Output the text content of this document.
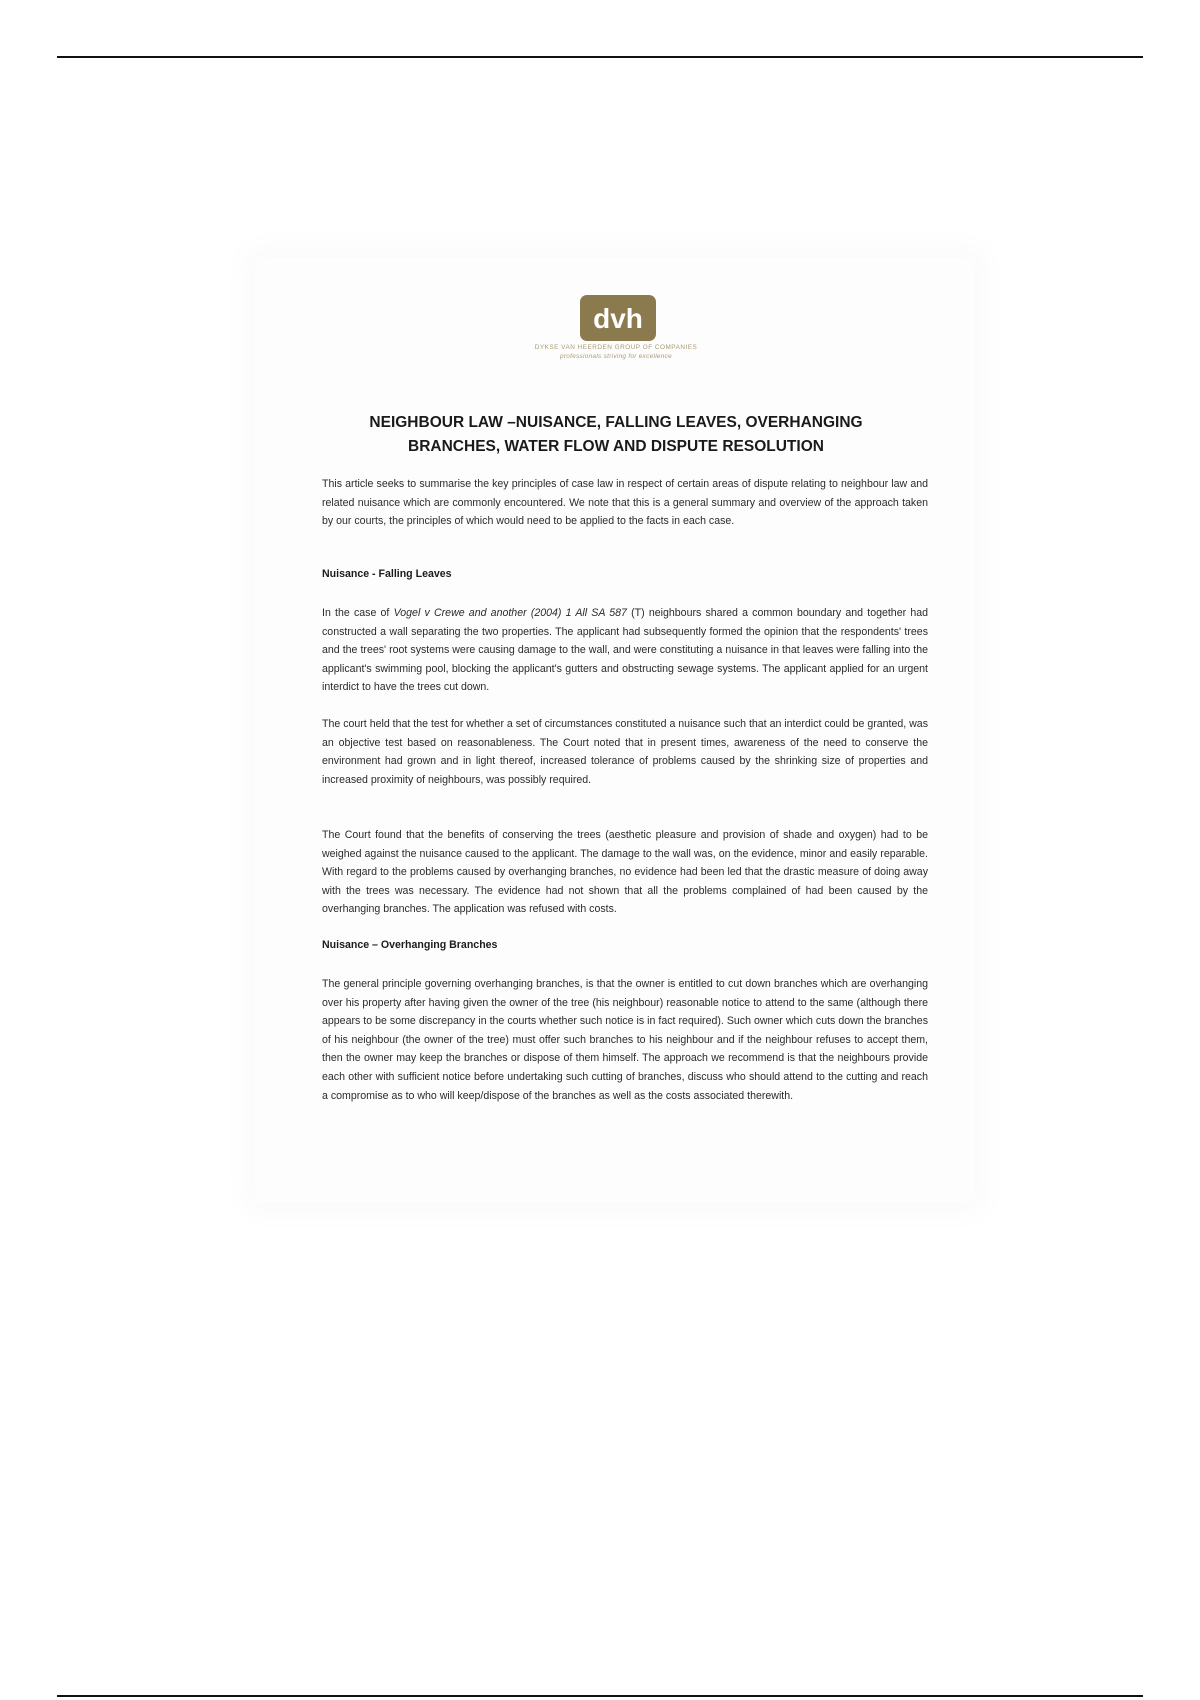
dvh
DYKSE VAN HEERDEN GROUP OF COMPANIES
professionals striving for excellence
NEIGHBOUR LAW –NUISANCE, FALLING LEAVES, OVERHANGING
BRANCHES, WATER FLOW AND DISPUTE RESOLUTION
This article seeks to summarise the key principles of case law in respect of certain areas of dispute relating to neighbour law and related nuisance which are commonly encountered. We note that this is a general summary and overview of the approach taken by our courts, the principles of which would need to be applied to the facts in each case.
Nuisance - Falling Leaves
In the case of Vogel v Crewe and another (2004) 1 All SA 587 (T) neighbours shared a common boundary and together had constructed a wall separating the two properties. The applicant had subsequently formed the opinion that the respondents' trees and the trees' root systems were causing damage to the wall, and were constituting a nuisance in that leaves were falling into the applicant's swimming pool, blocking the applicant's gutters and obstructing sewage systems. The applicant applied for an urgent interdict to have the trees cut down.
The court held that the test for whether a set of circumstances constituted a nuisance such that an interdict could be granted, was an objective test based on reasonableness. The Court noted that in present times, awareness of the need to conserve the environment had grown and in light thereof, increased tolerance of problems caused by the shrinking size of properties and increased proximity of neighbours, was possibly required.
The Court found that the benefits of conserving the trees (aesthetic pleasure and provision of shade and oxygen) had to be weighed against the nuisance caused to the applicant. The damage to the wall was, on the evidence, minor and easily reparable. With regard to the problems caused by overhanging branches, no evidence had been led that the drastic measure of doing away with the trees was necessary. The evidence had not shown that all the problems complained of had been caused by the overhanging branches. The application was refused with costs.
Nuisance – Overhanging Branches
The general principle governing overhanging branches, is that the owner is entitled to cut down branches which are overhanging over his property after having given the owner of the tree (his neighbour) reasonable notice to attend to the same (although there appears to be some discrepancy in the courts whether such notice is in fact required). Such owner which cuts down the branches of his neighbour (the owner of the tree) must offer such branches to his neighbour and if the neighbour refuses to accept them, then the owner may keep the branches or dispose of them himself. The approach we recommend is that the neighbours provide each other with sufficient notice before undertaking such cutting of branches, discuss who should attend to the cutting and reach a compromise as to who will keep/dispose of the branches as well as the costs associated therewith.
